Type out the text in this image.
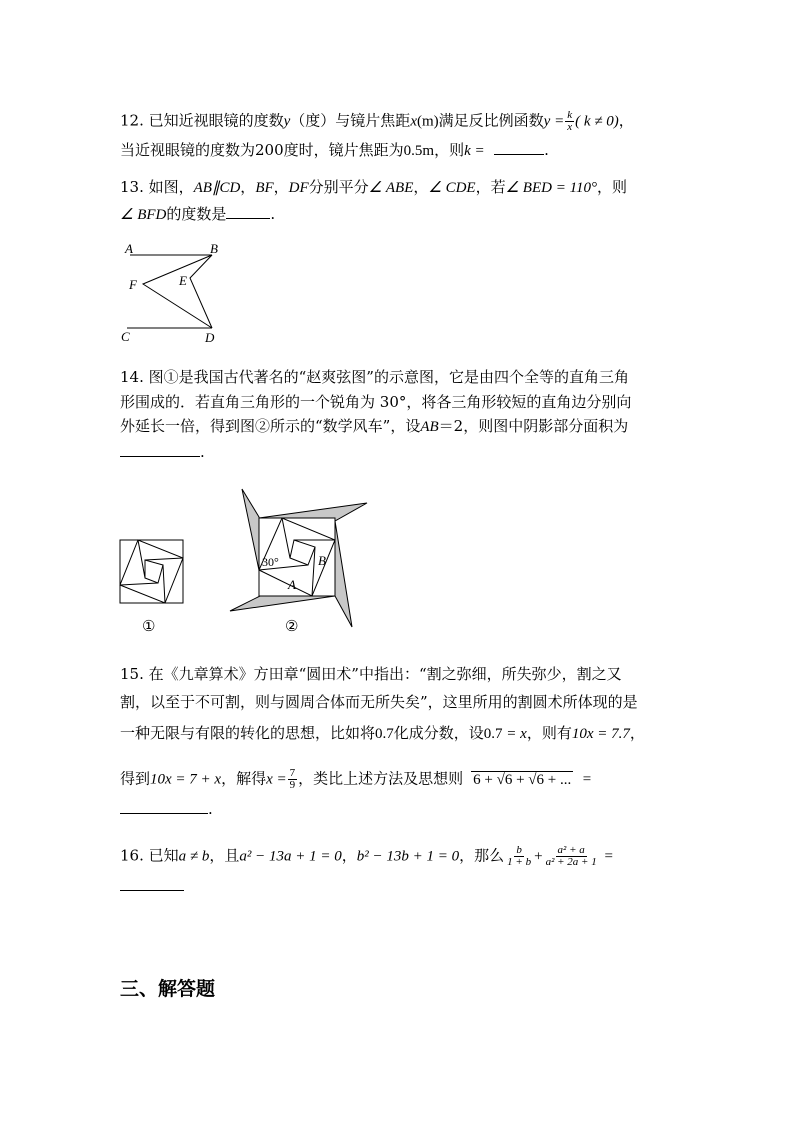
12. 已知近视眼镜的度数y（度）与镜片焦距x(m)满足反比例函数$y = \frac{k}{x}$ ( k ≠ 0)，
当近视眼镜的度数为200度时，镜片焦距为0.5m，则k =	.
13. 如图，AB∥CD，BF，DF分别平分∠ ABE，∠ CDE，若∠ BED = 110°，则
∠ BFD的度数是	.
A	B
C	D
E
F
14. 图①是我国古代著名的“赵爽弦图”的示意图，它是由四个全等的直角三角
形围成的．若直角三角形的一个锐角为 30°，将各三角形较短的直角边分别向
外延长一倍，得到图②所示的“数学风车”，设AB＝2，则图中阴影部分面积为
.
①
30°
A
B
②
15. 在《九章算术》方田章“圆田术”中指出：“割之弥细，所失弥少，割之又
割，以至于不可割，则与圆周合体而无所失矣”，这里所用的割圆术所体现的是
一种无限与有限的转化的思想，比如将0.7化成分数，设0.7 = x，则有10x = 7.7，
得到10x = 7 + x，解得$x = \frac{7}{9}$ ，类比上述方法及思想则 6 + √6 + √6 + ... =
.
16. 已知a ≠ b，且a² − 13a + 1 = 0，b² − 13b + 1 = 0，那么 $\frac{b}{1 + b} + \frac{\text{a² + a}}{\text{a² + 2a + 1}}$ =
三、解答题
